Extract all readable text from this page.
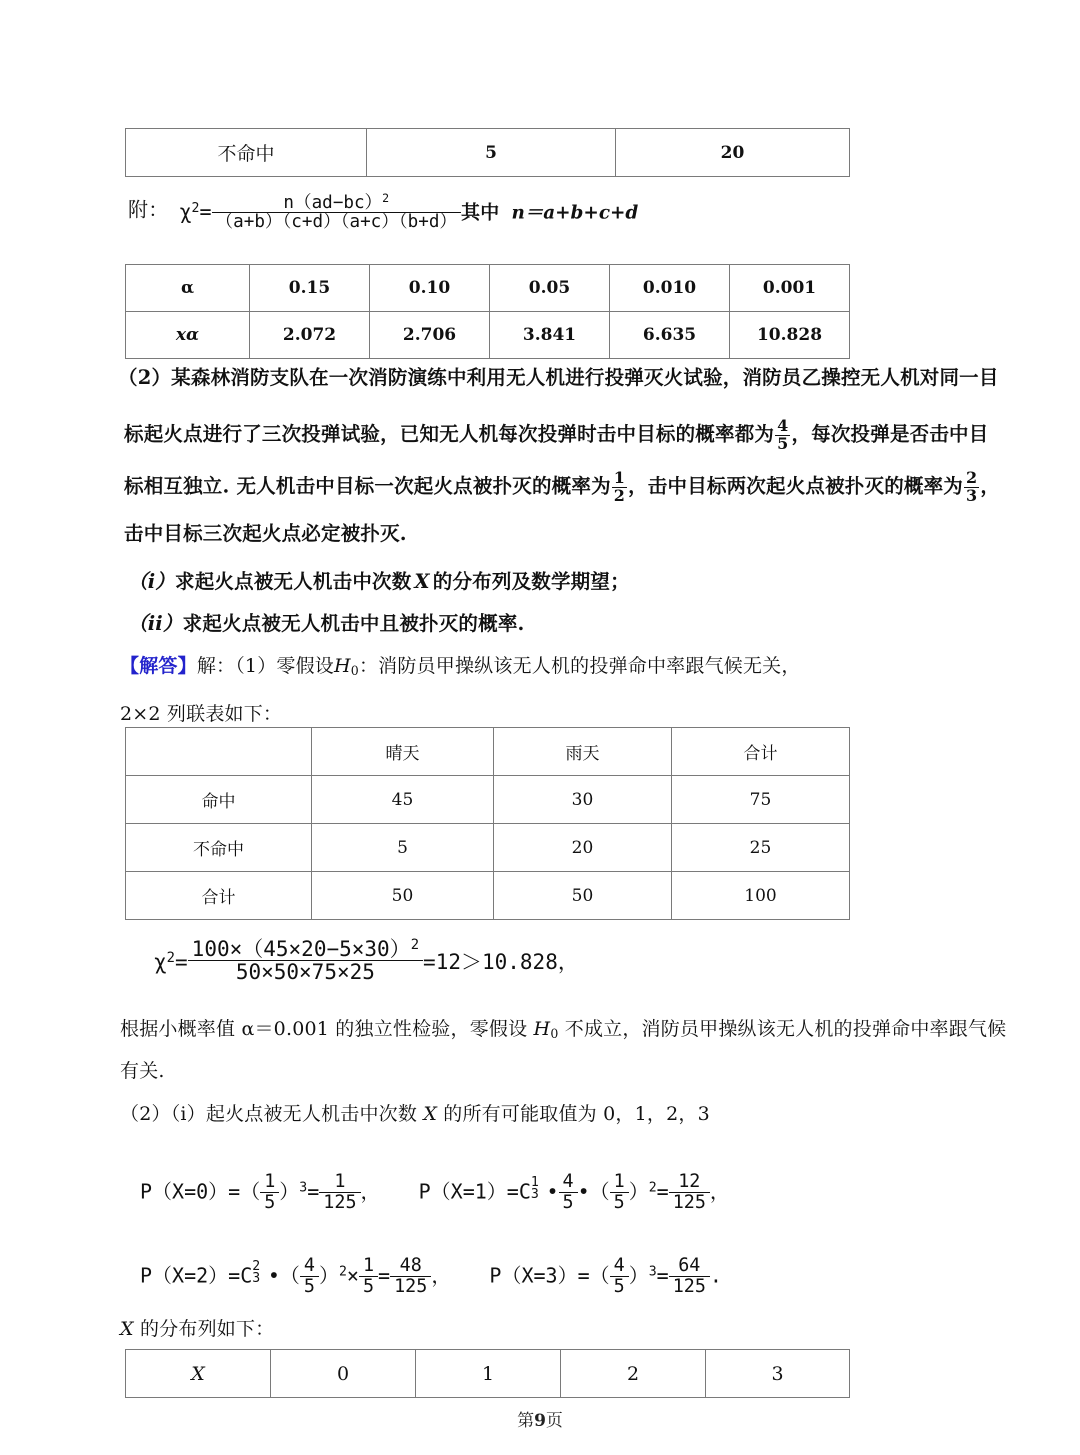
不命中	5	20
附： $\chi^2= \frac{n(ad-bc)^2}{(a+b)(c+d)(a+c)(b+d)}$ 其中 n＝a+b+c+d
α	0.15	0.10	0.05	0.010	0.001
xα	2.072	2.706	3.841	6.635	10.828
（2）某森林消防支队在一次消防演练中利用无人机进行投弹灭火试验，消防员乙操控无人机对同一目
标起火点进行了三次投弹试验，已知无人机每次投弹时击中目标的概率都为 $\frac{4}{5}$ ，每次投弹是否击中目
标相互独立. 无人机击中目标一次起火点被扑灭的概率为 $\frac{1}{2}$ ，击中目标两次起火点被扑灭的概率为 $\frac{2}{3}$ ，
击中目标三次起火点必定被扑灭.
（i）求起火点被无人机击中次数 X 的分布列及数学期望；
（ii）求起火点被无人机击中且被扑灭的概率.
【解答】解：（1）零假设$H_0$：消防员甲操纵该无人机的投弹命中率跟气候无关，
2×2 列联表如下：
	晴天	雨天	合计
命中	45	30	75
不命中	5	20	25
合计	50	50	100
$\chi^2= \frac{100\times(45\times 20-5\times 30)^2}{50\times 50\times 75\times 25} =12>10.828$，
根据小概率值 α＝0.001 的独立性检验，零假设 $H_0$ 不成立，消防员甲操纵该无人机的投弹命中率跟气候
有关.
（2）（i）起火点被无人机击中次数 X 的所有可能取值为 0，1，2，3
$P(X=0)=( \frac{1}{5} )^3= \frac{1}{125}$ ， P（X=1）=C 1
3 • $\frac{4}{5}$ •（ $\frac{1}{5} )^2= \frac{12}{125}$ ，
P（X=2）=C 2
3 •（ $\frac{4}{5} )^2\times \frac{1}{5} = \frac{48}{125}$ ， $P(X=3)=( \frac{4}{5} )^3= \frac{64}{125}$ .
X 的分布列如下：
X	0	1	2	3
第9页
